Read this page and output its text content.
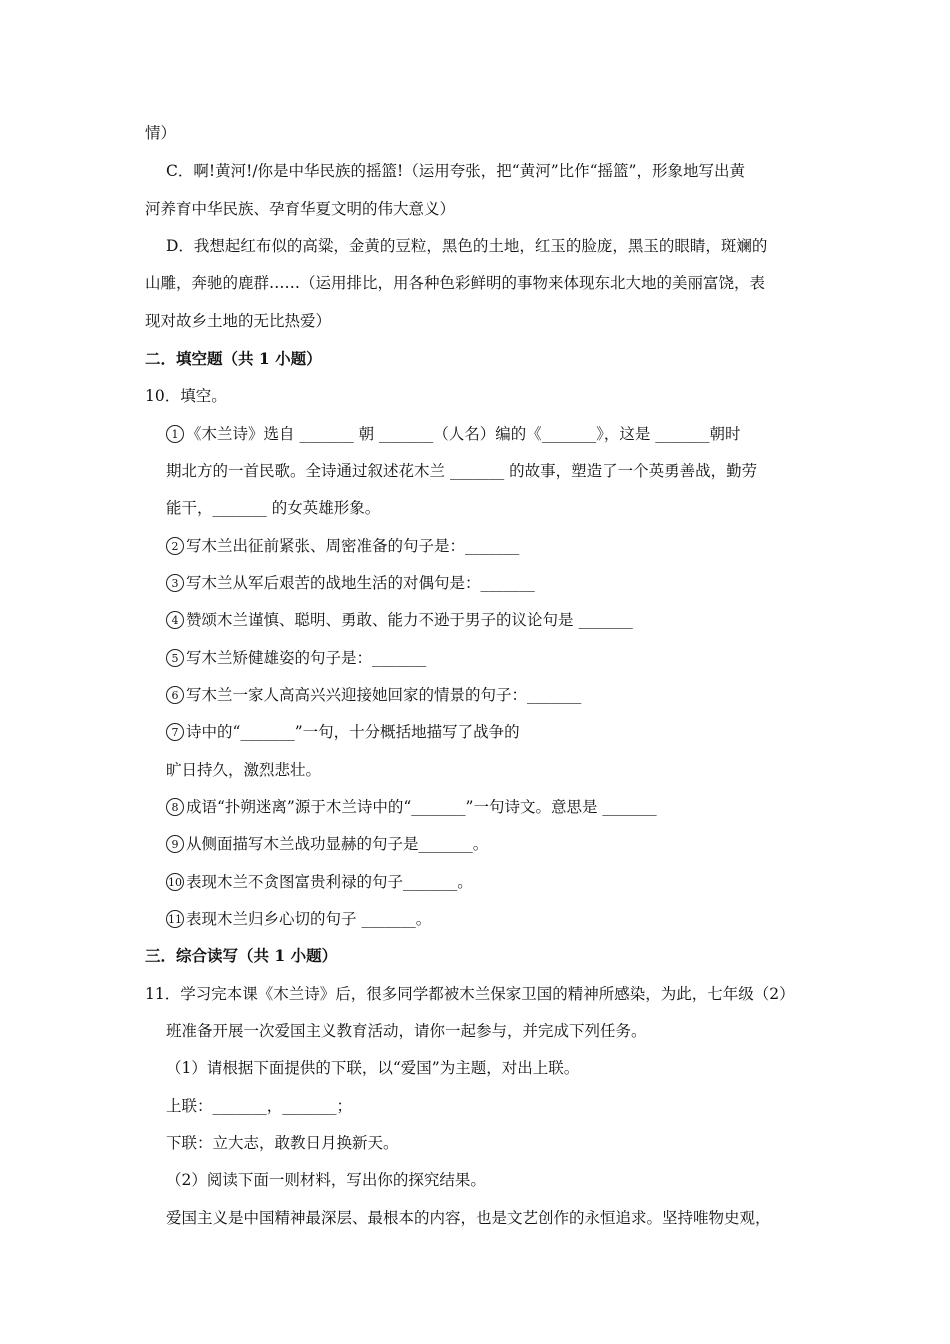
情）
C．啊!黄河!/你是中华民族的摇篮!（运用夸张，把“黄河”比作“摇篮”，形象地写出黄
河养育中华民族、孕育华夏文明的伟大意义）
D．我想起红布似的高粱，金黄的豆粒，黑色的土地，红玉的脸庞，黑玉的眼睛，斑斓的
山雕，奔驰的鹿群……（运用排比，用各种色彩鲜明的事物来体现东北大地的美丽富饶，表
现对故乡土地的无比热爱）
二．填空题（共 1 小题）
10．填空。
1 《木兰诗》选自 _______ 朝 _______（人名）编的《_______》，这是 _______朝时
期北方的一首民歌。全诗通过叙述花木兰 _______ 的故事，塑造了一个英勇善战，勤劳
能干，_______ 的女英雄形象。
2 写木兰出征前紧张、周密准备的句子是：_______
3 写木兰从军后艰苦的战地生活的对偶句是：_______
4 赞颂木兰谨慎、聪明、勇敢、能力不逊于男子的议论句是 _______
5 写木兰矫健雄姿的句子是：_______
6 写木兰一家人高高兴兴迎接她回家的情景的句子：_______
7 诗中的“_______”一句，十分概括地描写了战争的
旷日持久，激烈悲壮。
8 成语“扑朔迷离”源于木兰诗中的“_______”一句诗文。意思是 _______
9 从侧面描写木兰战功显赫的句子是_______。
10 表现木兰不贪图富贵利禄的句子_______。
11 表现木兰归乡心切的句子 _______。
三．综合读写（共 1 小题）
11．学习完本课《木兰诗》后，很多同学都被木兰保家卫国的精神所感染，为此，七年级（2）
班准备开展一次爱国主义教育活动，请你一起参与，并完成下列任务。
（1）请根据下面提供的下联，以“爱国”为主题，对出上联。
上联：_______，_______；
下联：立大志，敢教日月换新天。
（2）阅读下面一则材料，写出你的探究结果。
爱国主义是中国精神最深层、最根本的内容，也是文艺创作的永恒追求。坚持唯物史观，
